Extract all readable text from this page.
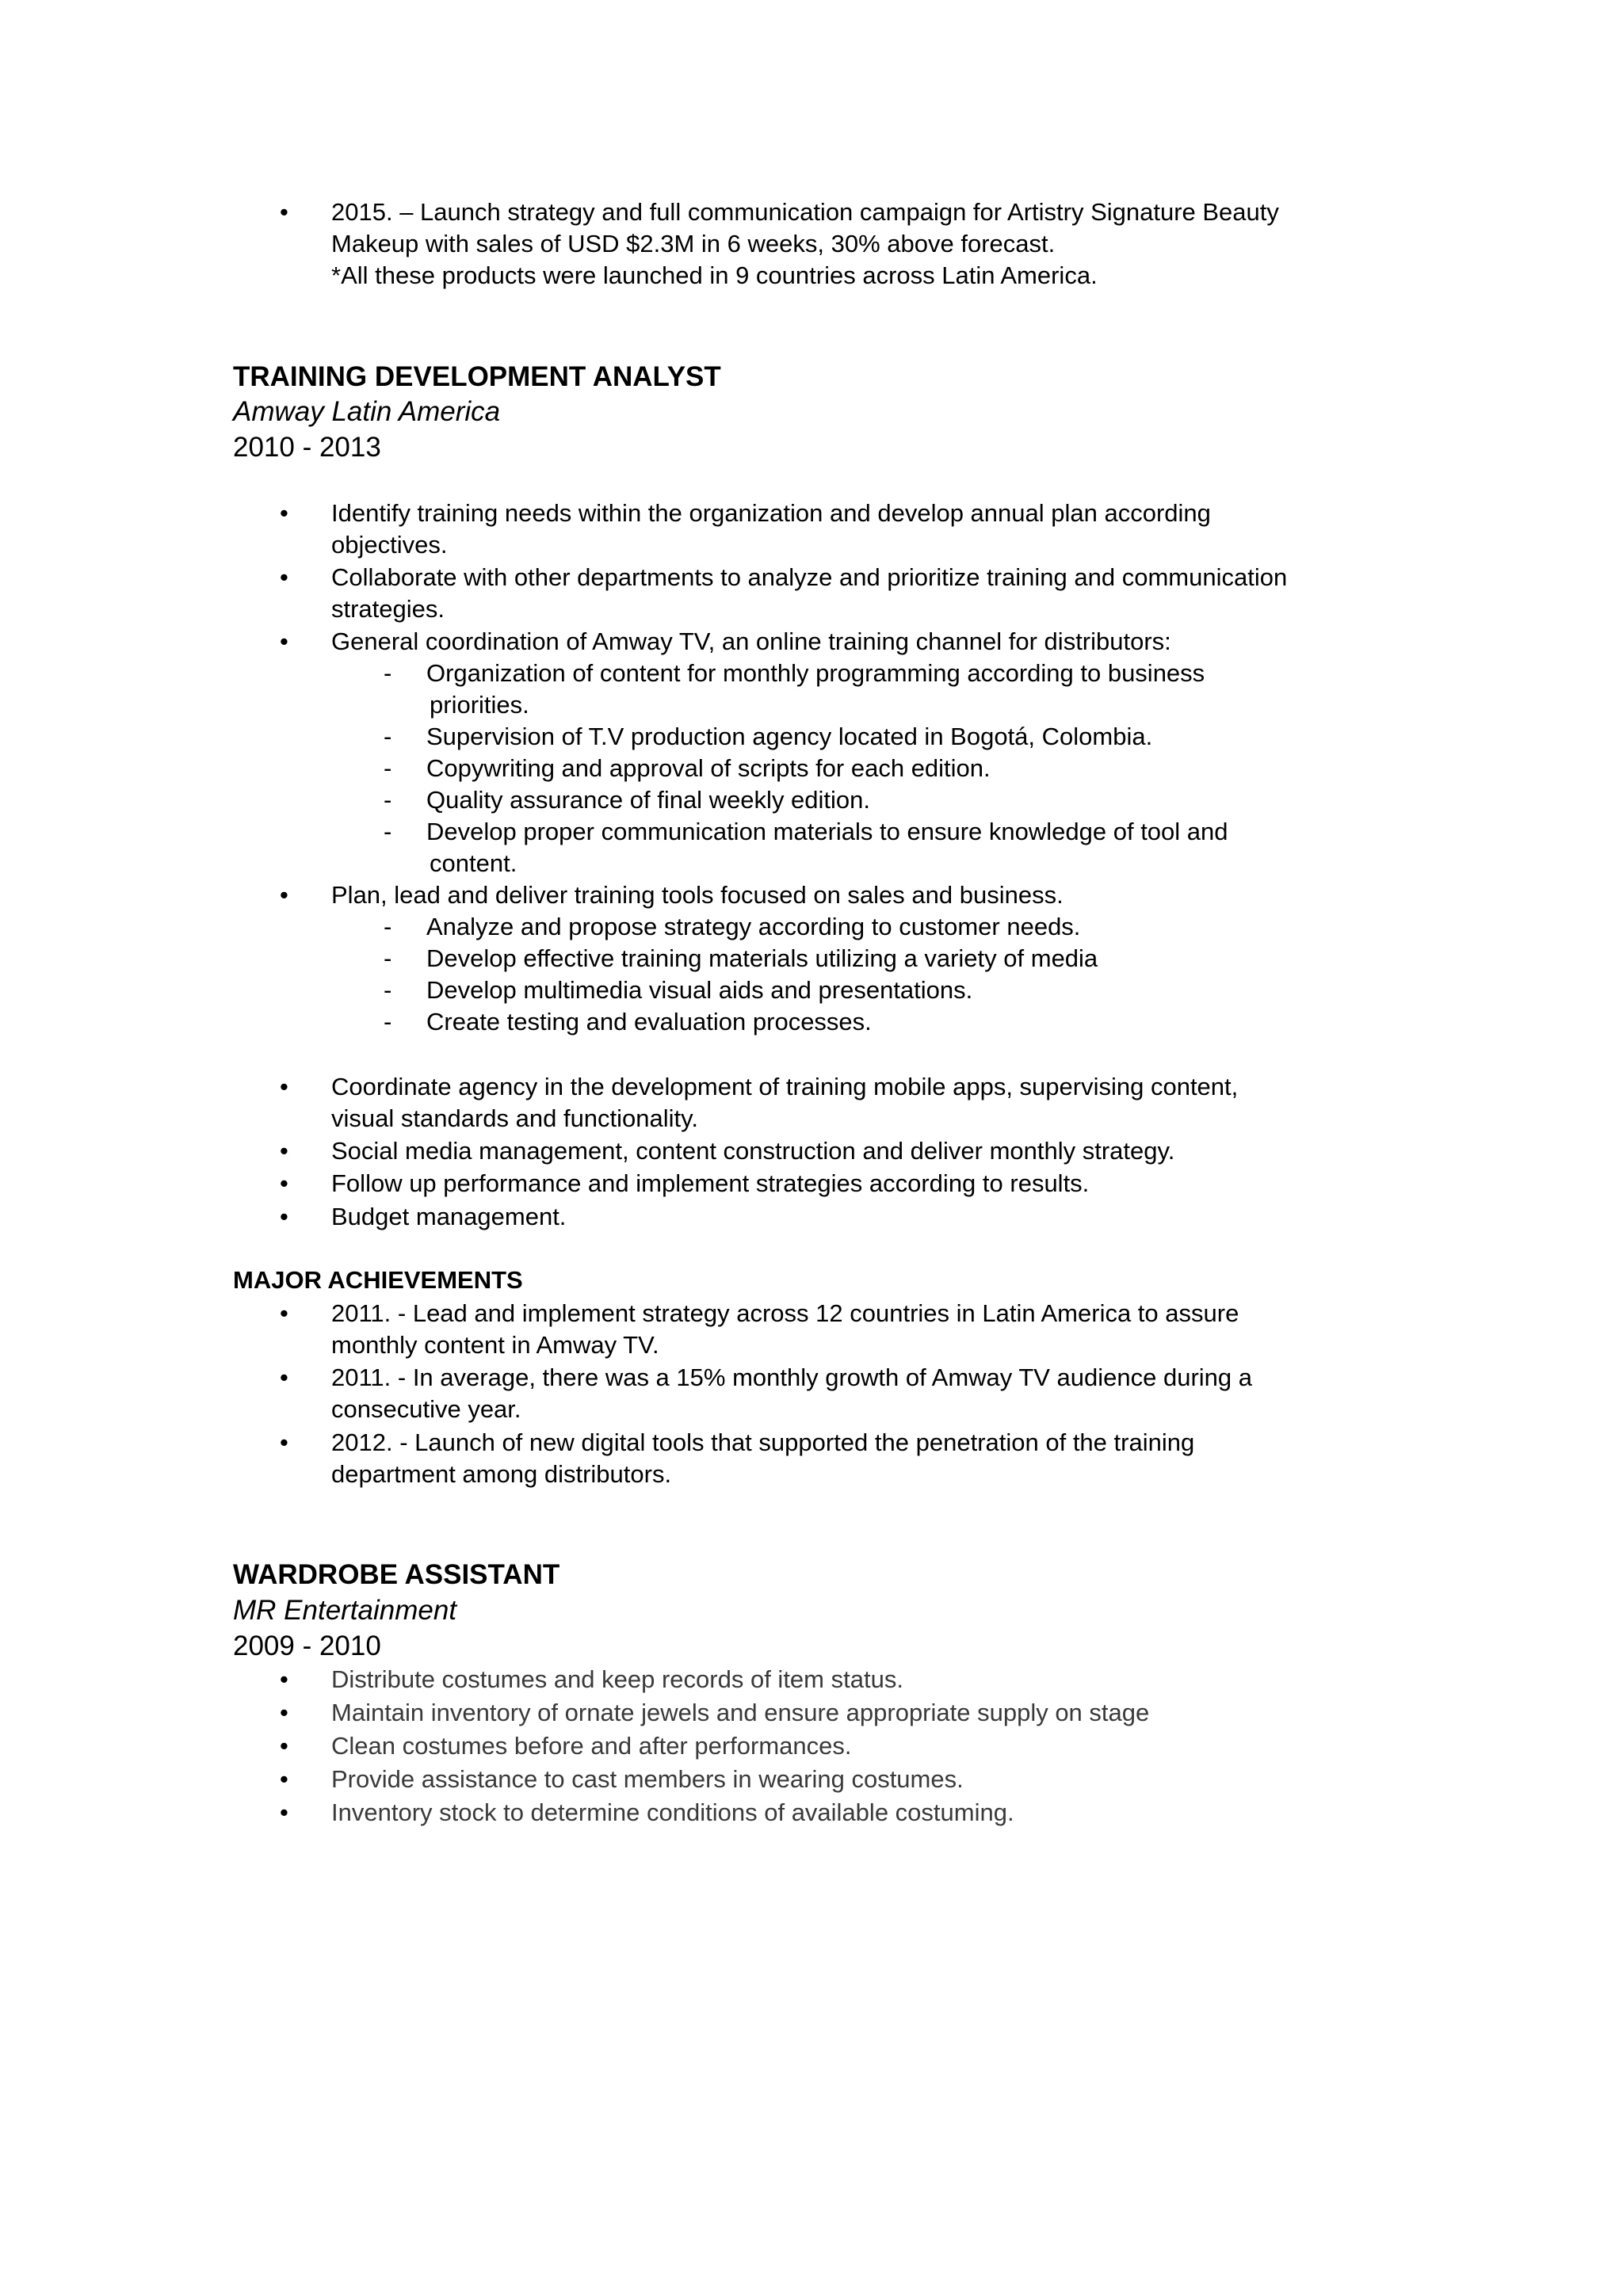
• 2015. – Launch strategy and full communication campaign for Artistry Signature Beauty
Makeup with sales of USD $2.3M in 6 weeks, 30% above forecast.
*All these products were launched in 9 countries across Latin America.
TRAINING DEVELOPMENT ANALYST
Amway Latin America
2010 - 2013
• Identify training needs within the organization and develop annual plan according
objectives.
• Collaborate with other departments to analyze and prioritize training and communication
strategies.
• General coordination of Amway TV, an online training channel for distributors:
- Organization of content for monthly programming according to business
priorities.
- Supervision of T.V production agency located in Bogotá, Colombia.
- Copywriting and approval of scripts for each edition.
- Quality assurance of final weekly edition.
- Develop proper communication materials to ensure knowledge of tool and
content.
• Plan, lead and deliver training tools focused on sales and business.
- Analyze and propose strategy according to customer needs.
- Develop effective training materials utilizing a variety of media
- Develop multimedia visual aids and presentations.
- Create testing and evaluation processes.
• Coordinate agency in the development of training mobile apps, supervising content,
visual standards and functionality.
• Social media management, content construction and deliver monthly strategy.
• Follow up performance and implement strategies according to results.
• Budget management.
MAJOR ACHIEVEMENTS
• 2011. - Lead and implement strategy across 12 countries in Latin America to assure
monthly content in Amway TV.
• 2011. - In average, there was a 15% monthly growth of Amway TV audience during a
consecutive year.
• 2012. - Launch of new digital tools that supported the penetration of the training
department among distributors.
WARDROBE ASSISTANT
MR Entertainment
2009 - 2010
• Distribute costumes and keep records of item status.
• Maintain inventory of ornate jewels and ensure appropriate supply on stage
• Clean costumes before and after performances.
• Provide assistance to cast members in wearing costumes.
• Inventory stock to determine conditions of available costuming.
